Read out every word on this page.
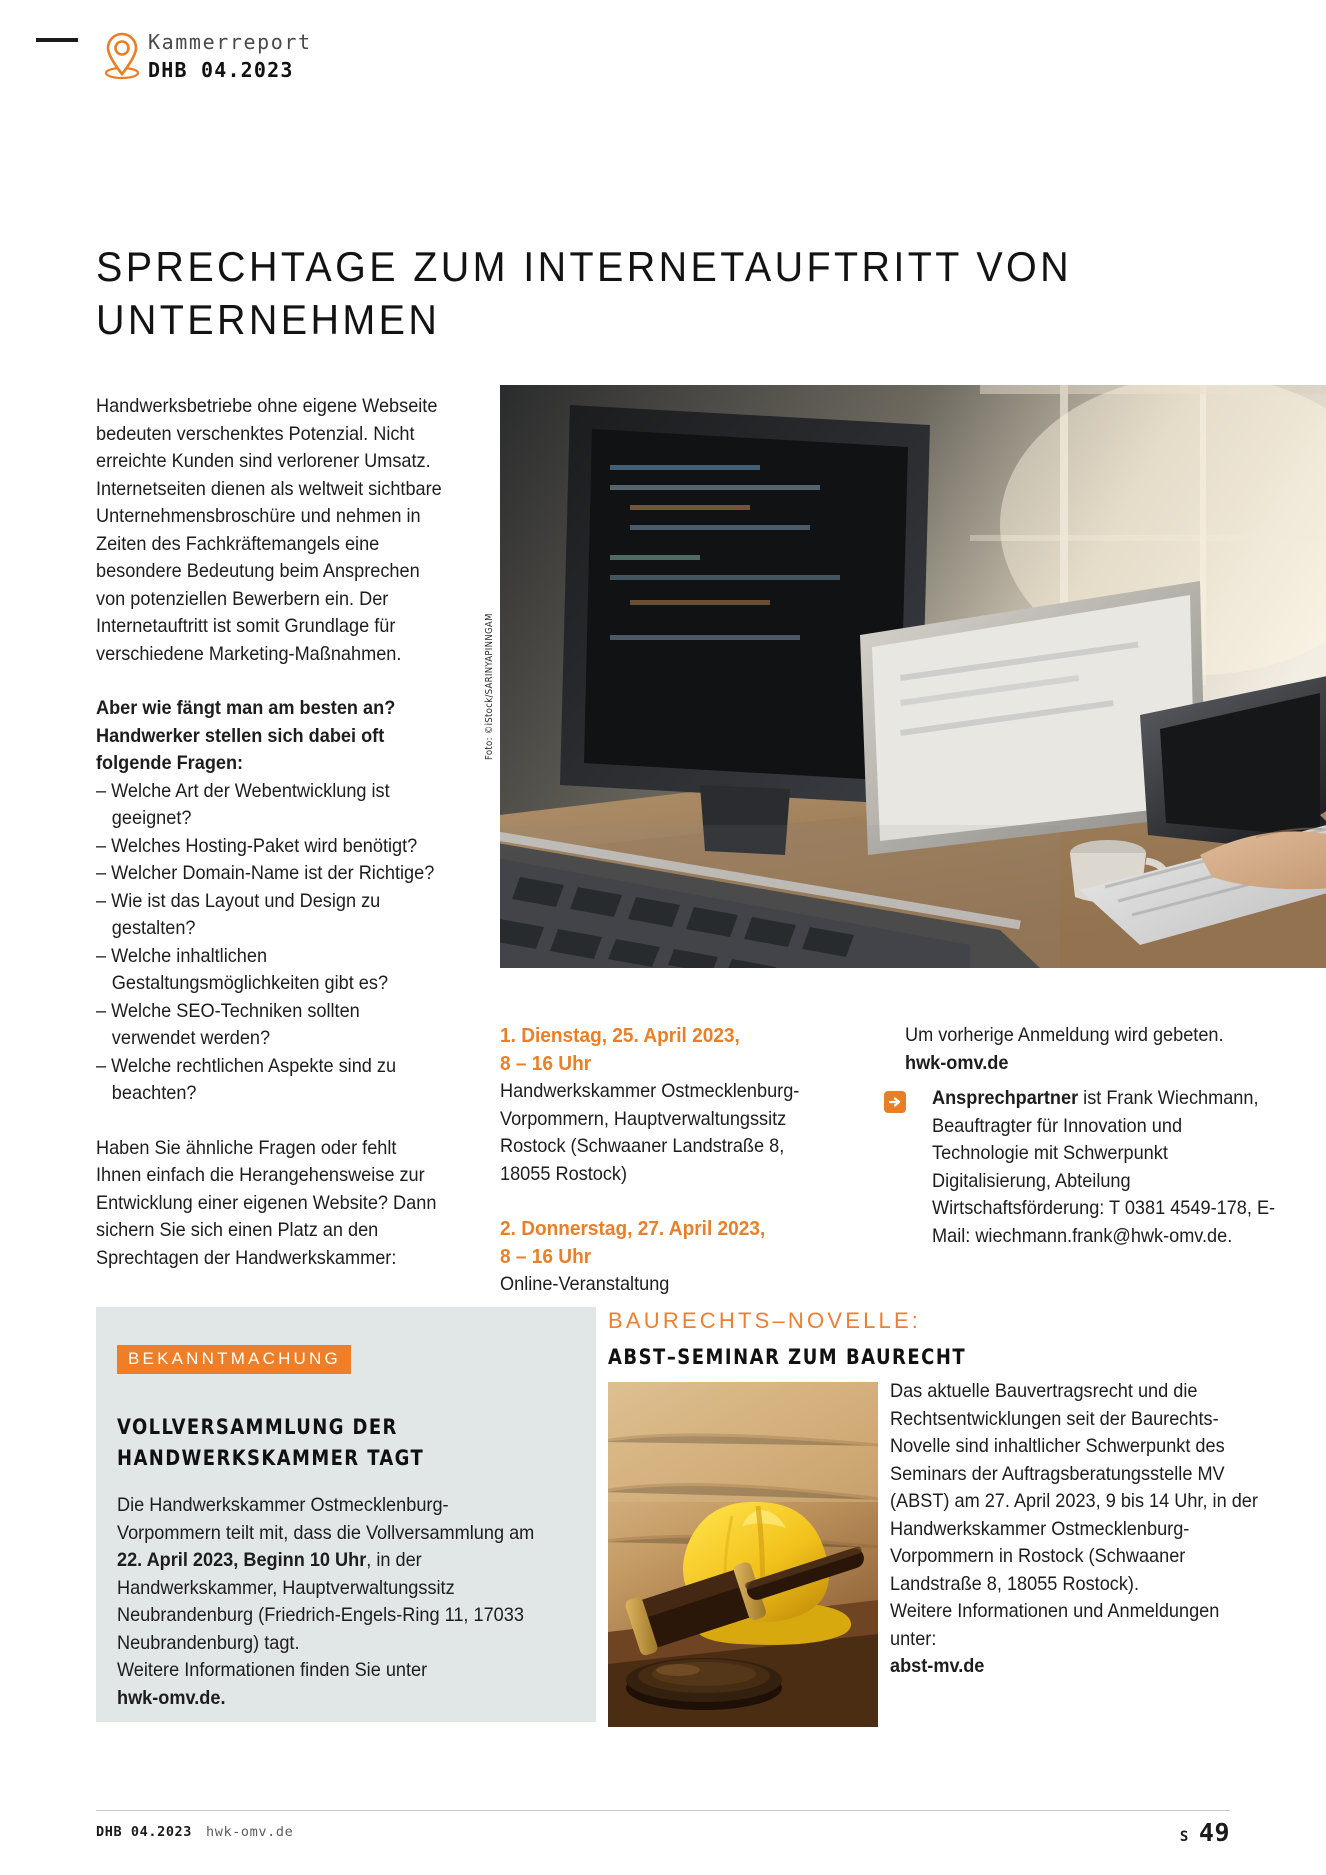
Kammerreport
DHB 04.2023
SPRECHTAGE ZUM INTERNETAUFTRITT VON UNTERNEHMEN

Handwerksbetriebe ohne eigene Webseite bedeuten verschenktes Potenzial. Nicht erreichte Kunden sind verlorener Umsatz. Internetseiten dienen als weltweit sichtbare Unternehmensbroschüre und nehmen in Zeiten des Fachkräftemangels eine besondere Bedeutung beim Ansprechen von potenziellen Bewerbern ein. Der Internetauftritt ist somit Grundlage für verschiedene Marketing-Maßnahmen.

Aber wie fängt man am besten an? Handwerker stellen sich dabei oft folgende Fragen:

– Welche Art der Webentwicklung ist geeignet?
– Welches Hosting-Paket wird benötigt?
– Welcher Domain-Name ist der Richtige?
– Wie ist das Layout und Design zu gestalten?
– Welche inhaltlichen Gestaltungsmöglichkeiten gibt es?
– Welche SEO-Techniken sollten verwendet werden?
– Welche rechtlichen Aspekte sind zu beachten?

Haben Sie ähnliche Fragen oder fehlt Ihnen einfach die Herangehensweise zur Entwicklung einer eigenen Website? Dann sichern Sie sich einen Platz an den Sprechtagen der Handwerkskammer:

Foto: ©iStock/SARINYAPINNGAM

1. Dienstag, 25. April 2023,

8 – 16 Uhr

Handwerkskammer Ostmecklenburg-Vorpommern, Hauptverwaltungssitz Rostock (Schwaaner Landstraße 8, 18055 Rostock)

2. Donnerstag, 27. April 2023,

8 – 16 Uhr

Online-Veranstaltung

Um vorherige Anmeldung wird gebeten.

hwk-omv.de

Ansprechpartner ist Frank Wiechmann, Beauftragter für Innovation und Technologie mit Schwerpunkt Digitalisierung, Abteilung Wirtschaftsförderung: T 0381 4549-178, E-Mail: wiechmann.frank@hwk-omv.de.

BEKANNTMACHUNG
VOLLVERSAMMLUNG DER
HANDWERKSKAMMER TAGT

Die Handwerkskammer Ostmecklenburg-Vorpommern teilt mit, dass die Vollversammlung am 22. April 2023, Beginn 10 Uhr, in der Handwerkskammer, Hauptverwaltungssitz Neubrandenburg (Friedrich-Engels-Ring 11, 17033 Neubrandenburg) tagt.

Weitere Informationen finden Sie unter

hwk-omv.de.

BAURECHTS–NOVELLE:
ABST–SEMINAR ZUM BAURECHT

Das aktuelle Bauvertragsrecht und die Rechtsentwicklungen seit der Baurechts-Novelle sind inhaltlicher Schwerpunkt des Seminars der Auftragsberatungsstelle MV (ABST) am 27. April 2023, 9 bis 14 Uhr, in der Handwerkskammer Ostmecklenburg-Vorpommern in Rostock (Schwaaner Landstraße 8, 18055 Rostock).

Weitere Informationen und Anmeldungen unter:

abst-mv.de

DHB 04.2023 hwk-omv.de	S 49
